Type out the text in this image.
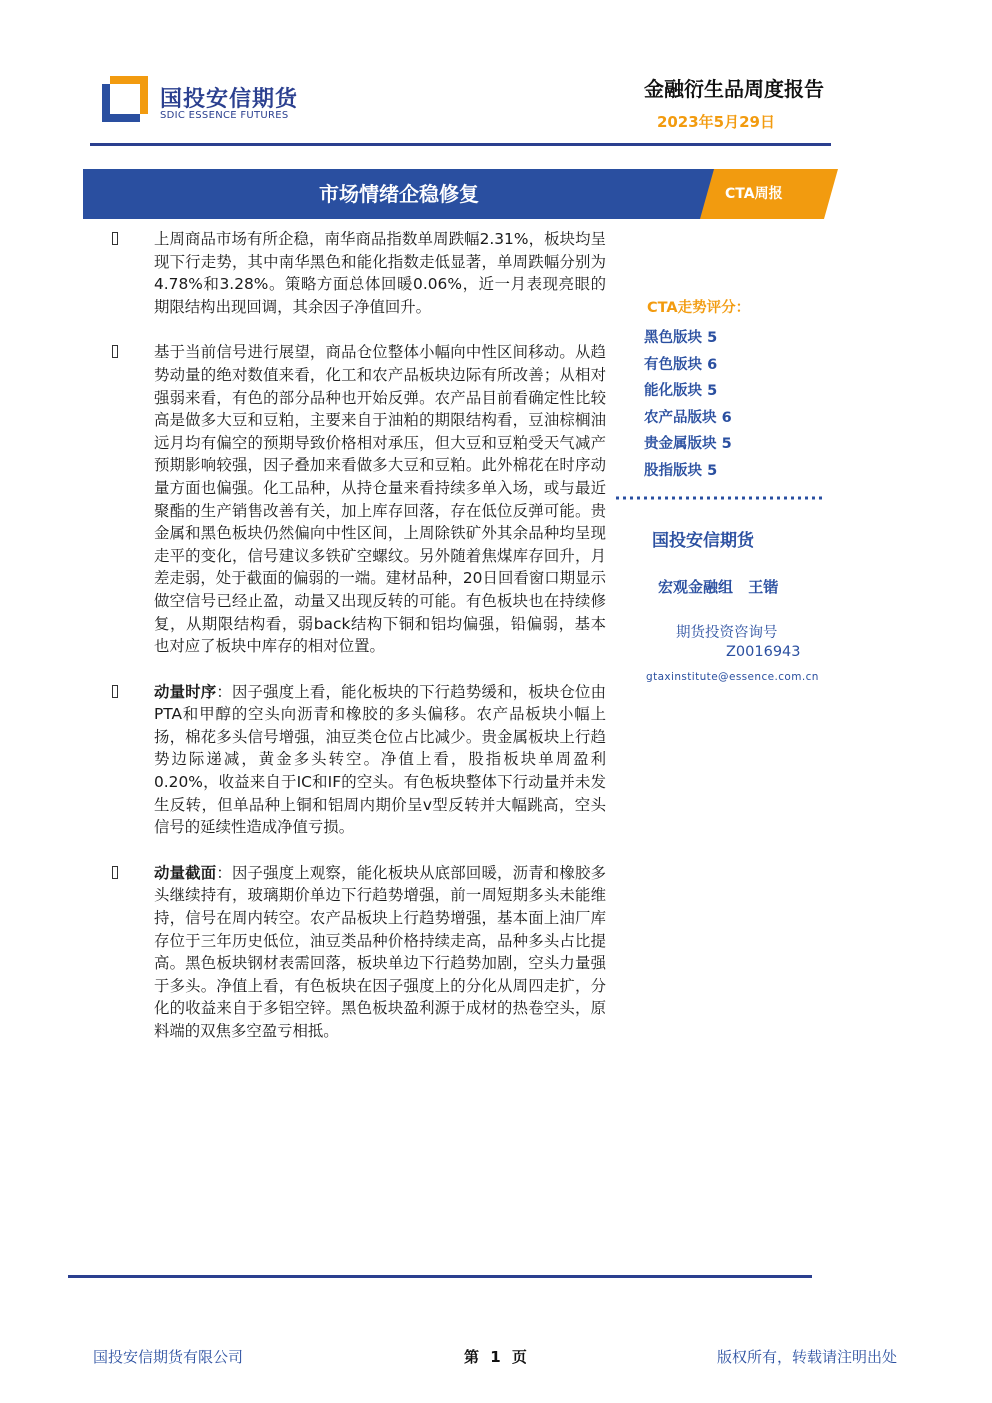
国投安信期货
SDIC ESSENCE FUTURES
金融衍生品周度报告
2023年5月29日
市场情绪企稳修复	CTA周报
上周商品市场有所企稳，南华商品指数单周跌幅2.31%，板块均呈现下行走势，其中南华黑色和能化指数走低显著，单周跌幅分别为4.78%和3.28%。策略方面总体回暖0.06%，近一月表现亮眼的期限结构出现回调，其余因子净值回升。
基于当前信号进行展望，商品仓位整体小幅向中性区间移动。从趋势动量的绝对数值来看，化工和农产品板块边际有所改善；从相对强弱来看，有色的部分品种也开始反弹。农产品目前看确定性比较高是做多大豆和豆粕，主要来自于油粕的期限结构看，豆油棕榈油远月均有偏空的预期导致价格相对承压，但大豆和豆粕受天气减产预期影响较强，因子叠加来看做多大豆和豆粕。此外棉花在时序动量方面也偏强。化工品种，从持仓量来看持续多单入场，或与最近聚酯的生产销售改善有关，加上库存回落，存在低位反弹可能。贵金属和黑色板块仍然偏向中性区间，上周除铁矿外其余品种均呈现走平的变化，信号建议多铁矿空螺纹。另外随着焦煤库存回升，月差走弱，处于截面的偏弱的一端。建材品种，20日回看窗口期显示做空信号已经止盈，动量又出现反转的可能。有色板块也在持续修复，从期限结构看，弱back结构下铜和铝均偏强，铅偏弱，基本也对应了板块中库存的相对位置。
动量时序：因子强度上看，能化板块的下行趋势缓和，板块仓位由PTA和甲醇的空头向沥青和橡胶的多头偏移。农产品板块小幅上扬，棉花多头信号增强，油豆类仓位占比减少。贵金属板块上行趋势边际递减，黄金多头转空。净值上看，股指板块单周盈利0.20%，收益来自于IC和IF的空头。有色板块整体下行动量并未发生反转，但单品种上铜和铝周内期价呈v型反转并大幅跳高，空头信号的延续性造成净值亏损。
动量截面：因子强度上观察，能化板块从底部回暖，沥青和橡胶多头继续持有，玻璃期价单边下行趋势增强，前一周短期多头未能维持，信号在周内转空。农产品板块上行趋势增强，基本面上油厂库存位于三年历史低位，油豆类品种价格持续走高，品种多头占比提高。黑色板块钢材表需回落，板块单边下行趋势加剧，空头力量强于多头。净值上看，有色板块在因子强度上的分化从周四走扩，分化的收益来自于多铝空锌。黑色板块盈利源于成材的热卷空头，原料端的双焦多空盈亏相抵。
CTA走势评分：
黑色版块 5
有色版块 6
能化版块 5
农产品版块 6
贵金属版块 5
股指版块 5
国投安信期货
宏观金融组 王锴
期货投资咨询号
Z0016943
gtaxinstitute@essence.com.cn
国投安信期货有限公司	第 1 页	版权所有，转载请注明出处
